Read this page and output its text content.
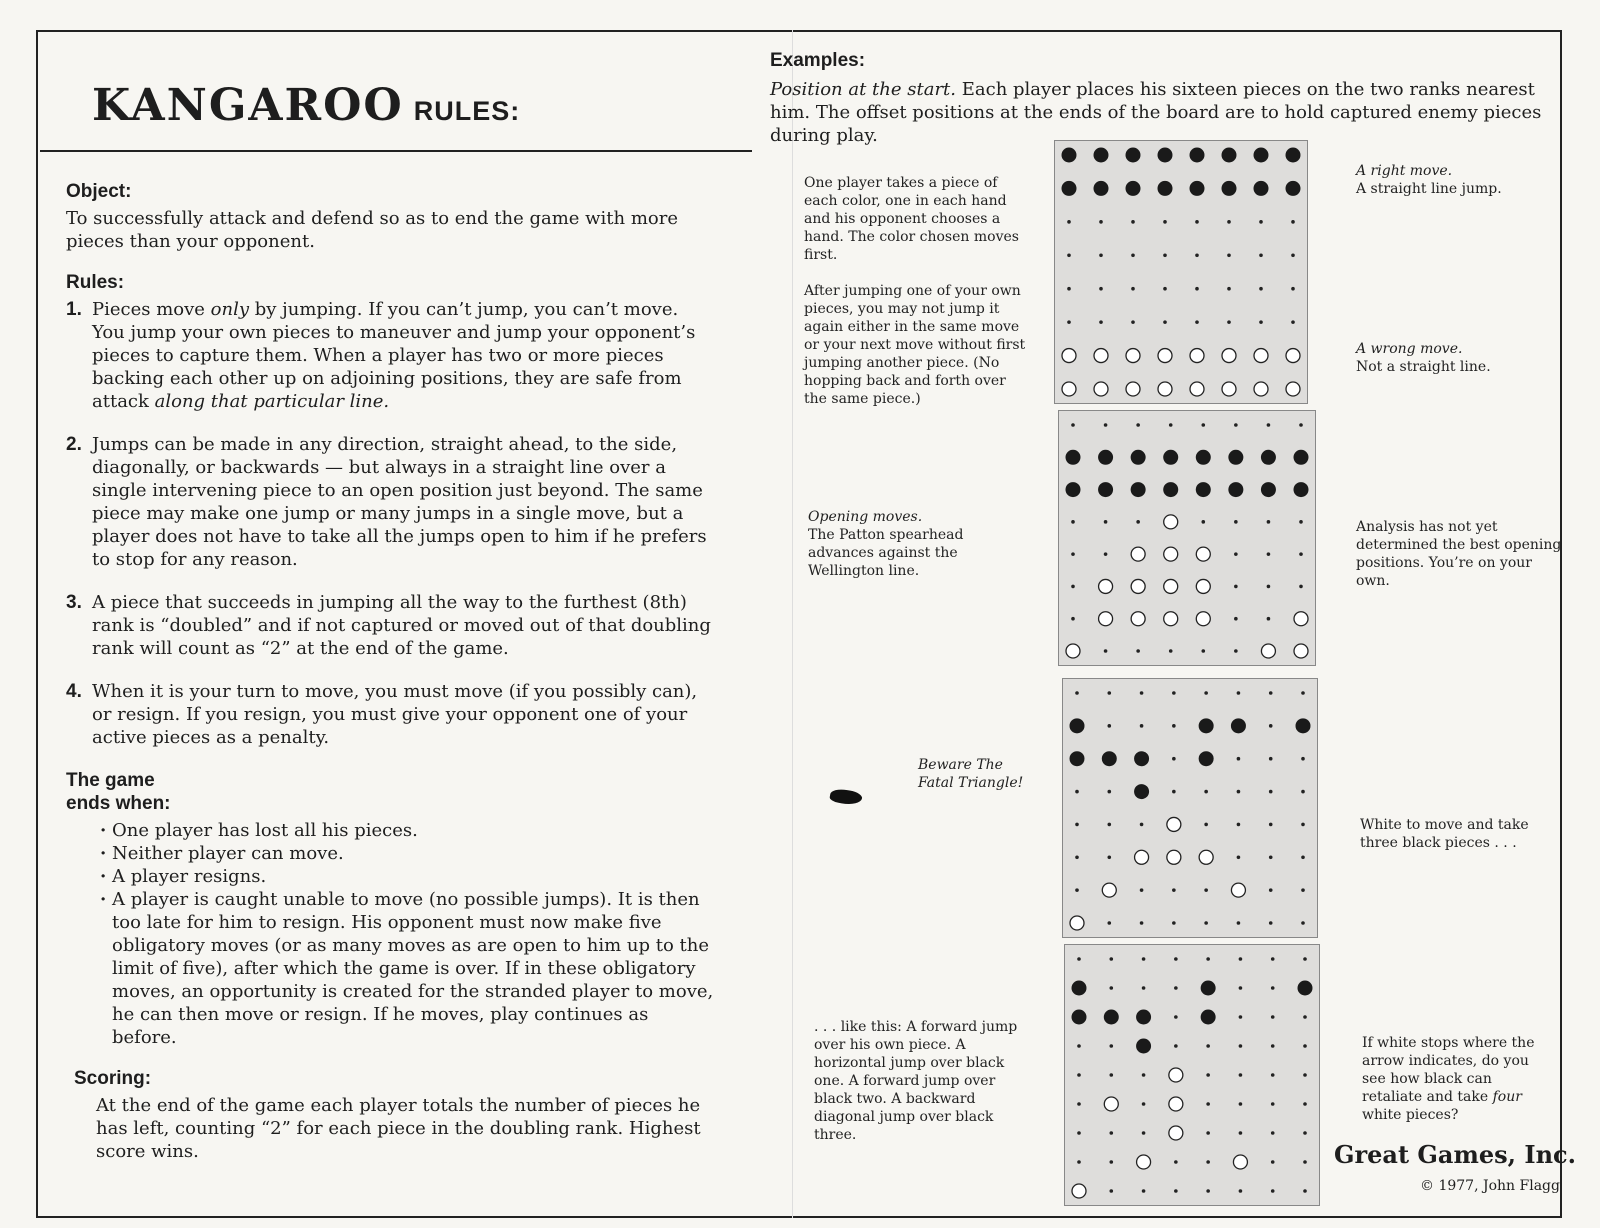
KANGAROO RULES:
Object:

To successfully attack and defend so as to end the game with more pieces than your opponent.

Rules:
1. Pieces move only by jumping. If you can’t jump, you can’t move. You jump your own pieces to maneuver and jump your opponent’s pieces to capture them. When a player has two or more pieces backing each other up on adjoining positions, they are safe from attack along that particular line.
2. Jumps can be made in any direction, straight ahead, to the side, diagonally, or backwards — but always in a straight line over a single intervening piece to an open position just beyond. The same piece may make one jump or many jumps in a single move, but a player does not have to take all the jumps open to him if he prefers to stop for any reason.
3. A piece that succeeds in jumping all the way to the furthest (8th) rank is “doubled” and if not captured or moved out of that doubling rank will count as “2” at the end of the game.
4. When it is your turn to move, you must move (if you possibly can), or resign. If you resign, you must give your opponent one of your active pieces as a penalty.
The game
ends when:
· One player has lost all his pieces.
· Neither player can move.
· A player resigns.
· A player is caught unable to move (no possible jumps). It is then too late for him to resign. His opponent must now make five obligatory moves (or as many moves as are open to him up to the limit of five), after which the game is over. If in these obligatory moves, an opportunity is created for the stranded player to move, he can then move or resign. If he moves, play continues as before.
Scoring:

At the end of the game each player totals the number of pieces he has left, counting “2” for each piece in the doubling rank. Highest score wins.

Examples:
Position at the start. Each player places his sixteen pieces on the two ranks nearest him. The offset positions at the ends of the board are to hold captured enemy pieces during play.
One player takes a piece of each color, one in each hand and his opponent chooses a hand. The color chosen moves first.
After jumping one of your own pieces, you may not jump it again either in the same move or your next move without first jumping another piece. (No hopping back and forth over the same piece.)
A right move.
A straight line jump.
A wrong move.
Not a straight line.
Opening moves.
The Patton spearhead advances against the Wellington line.
Analysis has not yet determined the best opening positions. You’re on your own.
Beware The Fatal Triangle!
White to move and take three black pieces . . .
. . . like this: A forward jump over his own piece. A horizontal jump over black one. A forward jump over black two. A backward diagonal jump over black three.
If white stops where the arrow indicates, do you see how black can retaliate and take four white pieces?
Great Games, Inc.
© 1977, John Flagg
